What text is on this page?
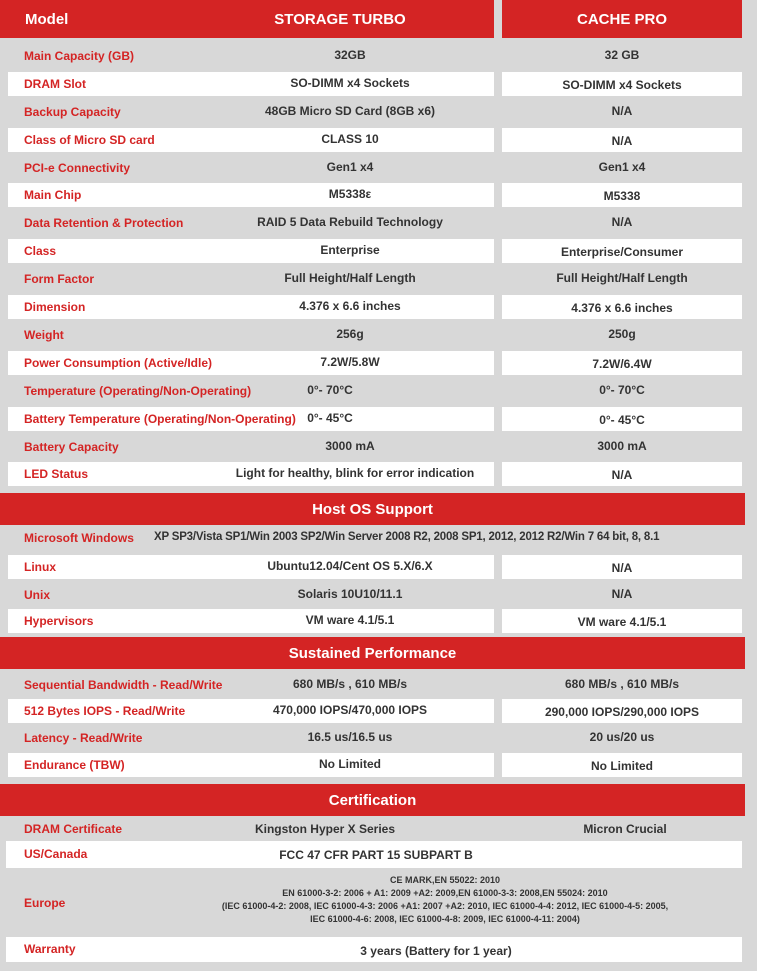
Model	STORAGE TURBO	CACHE PRO
Main Capacity (GB)	32GB	32 GB
DRAM Slot	SO-DIMM x4 Sockets	SO-DIMM x4 Sockets
Backup Capacity	48GB Micro SD Card (8GB x6)	N/A
Class of Micro SD card	CLASS 10	N/A
PCI-e Connectivity	Gen1 x4	Gen1 x4
Main Chip	M5338ε	M5338
Data Retention & Protection	RAID 5 Data Rebuild Technology	N/A
Class	Enterprise	Enterprise/Consumer
Form Factor	Full Height/Half Length	Full Height/Half Length
Dimension	4.376 x 6.6 inches	4.376 x 6.6 inches
Weight	256g	250g
Power Consumption (Active/Idle)	7.2W/5.8W	7.2W/6.4W
Temperature (Operating/Non-Operating)	0°- 70°C	0°- 70°C
Battery Temperature (Operating/Non-Operating) 0°- 45°C	0°- 45°C
Battery Capacity	3000 mA	3000 mA
LED Status	Light for healthy, blink for error indication	N/A
Host OS Support
Microsoft Windows XP SP3/Vista SP1/Win 2003 SP2/Win Server 2008 R2, 2008 SP1, 2012, 2012 R2/Win 7 64 bit, 8, 8.1
Linux	Ubuntu12.04/Cent OS 5.X/6.X	N/A
Unix	Solaris 10U10/11.1	N/A
Hypervisors	VM ware 4.1/5.1	VM ware 4.1/5.1
Sustained Performance
Sequential Bandwidth - Read/Write	680 MB/s , 610 MB/s	680 MB/s , 610 MB/s
512 Bytes IOPS - Read/Write	470,000 IOPS/470,000 IOPS	290,000 IOPS/290,000 IOPS
Latency - Read/Write	16.5 us/16.5 us	20 us/20 us
Endurance (TBW)	No Limited	No Limited
Certification
DRAM Certificate	Kingston Hyper X Series	Micron Crucial
US/Canada	FCC 47 CFR PART 15 SUBPART B
Europe
CE MARK,EN 55022: 2010
EN 61000-3-2: 2006 + A1: 2009 +A2: 2009,EN 61000-3-3: 2008,EN 55024: 2010
(IEC 61000-4-2: 2008, IEC 61000-4-3: 2006 +A1: 2007 +A2: 2010, IEC 61000-4-4: 2012, IEC 61000-4-5: 2005,
IEC 61000-4-6: 2008, IEC 61000-4-8: 2009, IEC 61000-4-11: 2004)
Warranty	3 years (Battery for 1 year)
